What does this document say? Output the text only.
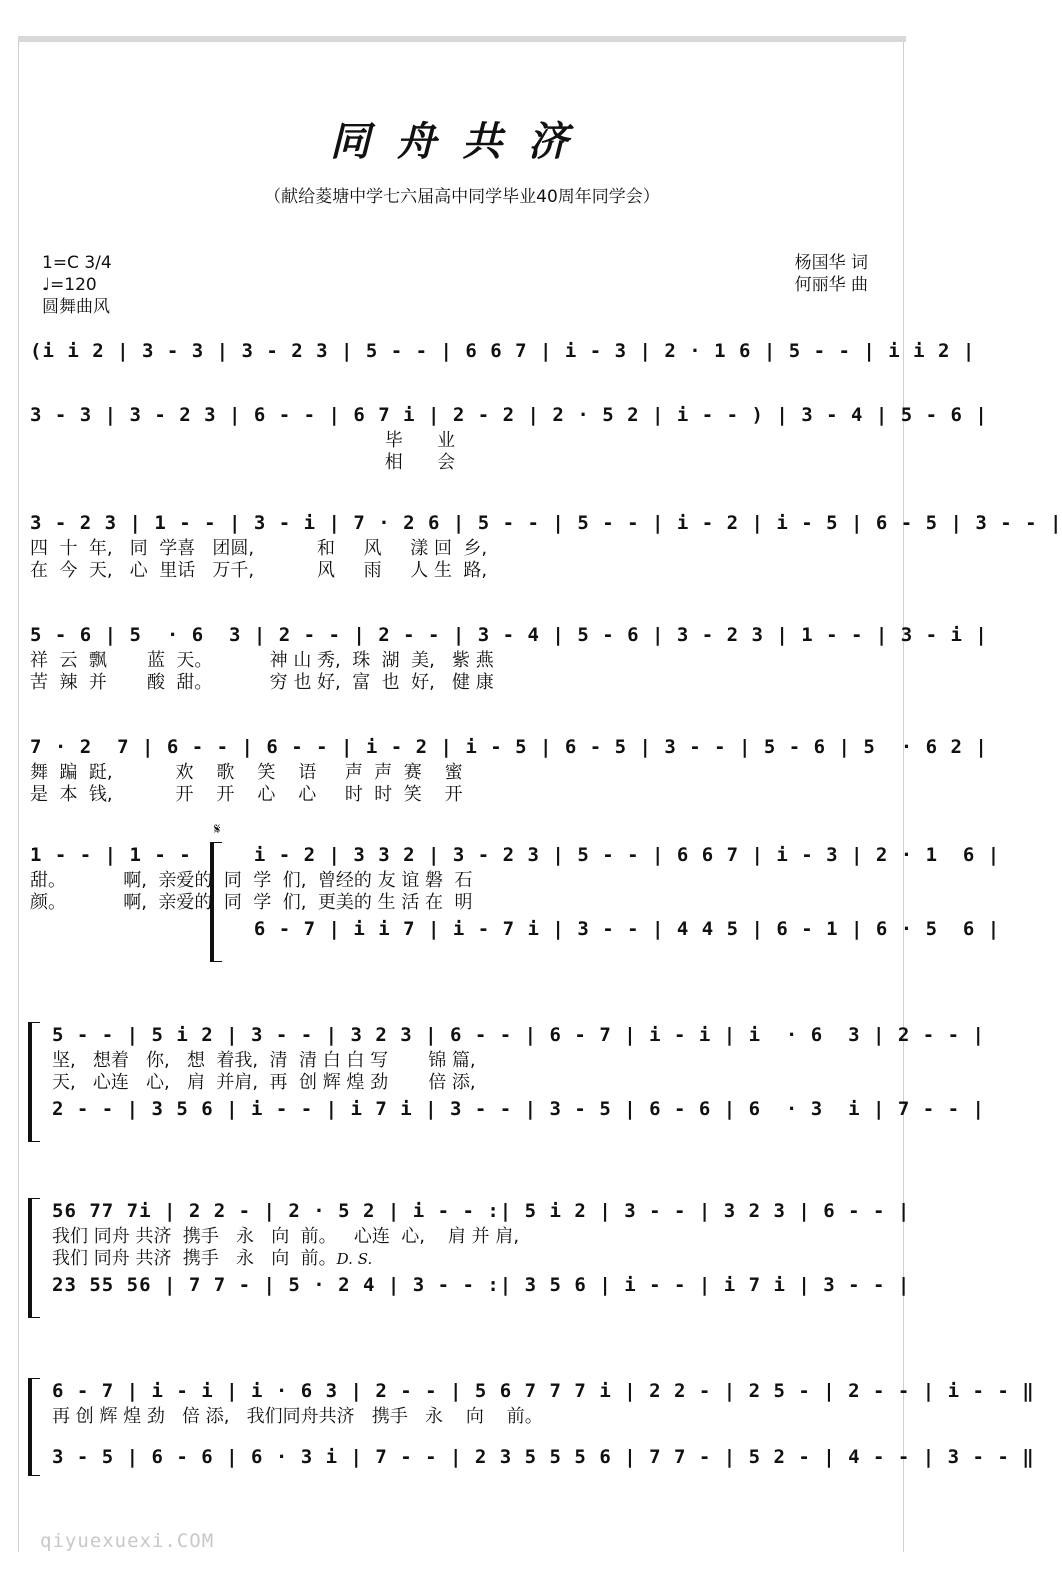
同舟共济
（献给菱塘中学七六届高中同学毕业40周年同学会）
1=C 3/4
♩=120
圆舞曲风
杨国华 词
何丽华 曲
(i i 2 | 3 - 3 | 3 - 2 3 | 5 - - | 6 6 7 | i - 3 | 2 · 1 6 | 5 - - | i i 2 |
3 - 3 | 3 - 2 3 | 6 - - | 6 7 i | 2 - 2 | 2 · 5 2 | i - - ) | 3 - 4 | 5 - 6 |
毕      业
相      会
3 - 2 3 | 1 - - | 3 - i | 7 · 2 6 | 5 - - | 5 - - | i - 2 | i - 5 | 6 - 5 | 3 - - |
四  十  年,   同  学喜   团圆,           和     风     漾 回  乡,
在  今  天,   心  里话   万千,           风     雨     人 生  路,
5 - 6 | 5  · 6  3 | 2 - - | 2 - - | 3 - 4 | 5 - 6 | 3 - 2 3 | 1 - - | 3 - i |
祥  云  飘       蓝  天。          神 山 秀,  珠  湖  美,   紫 燕
苦  辣  并       酸  甜。          穷 也 好,  富  也  好,   健 康
7 · 2  7 | 6 - - | 6 - - | i - 2 | i - 5 | 6 - 5 | 3 - - | 5 - 6 | 5  · 6 2 |
舞  蹁  跹,           欢    歌    笑    语     声  声  赛    蜜
是  本  钱,           开    开    心    心     时  时  笑    开
𝄋
1 - - | 1 - -     i - 2 | 3 3 2 | 3 - 2 3 | 5 - - | 6 6 7 | i - 3 | 2 · 1  6 |
甜。          啊,  亲爱的  同  学  们,  曾经的 友 谊 磐  石
颜。          啊,  亲爱的  同  学  们,  更美的 生 活 在  明
6 - 7 | i i 7 | i - 7 i | 3 - - | 4 4 5 | 6 - 1 | 6 · 5  6 |
5 - - | 5 i 2 | 3 - - | 3 2 3 | 6 - - | 6 - 7 | i - i | i  · 6  3 | 2 - - |
坚,   想着   你,   想  着我,  清  清 白 白 写       锦 篇,
天,   心连   心,   肩  并肩,  再  创 辉 煌 劲       倍 添,
2 - - | 3 5 6 | i - - | i 7 i | 3 - - | 3 - 5 | 6 - 6 | 6  · 3  i | 7 - - |
56 77 7i | 2 2 - | 2 · 5 2 | i - - :| 5 i 2 | 3 - - | 3 2 3 | 6 - - |
我们 同舟 共济  携手   永   向  前。   心连  心,    肩 并 肩,
我们 同舟 共济  携手   永   向  前。D. S.
23 55 56 | 7 7 - | 5 · 2 4 | 3 - - :| 3 5 6 | i - - | i 7 i | 3 - - |
6 - 7 | i - i | i · 6 3 | 2 - - | 5 6 7 7 7 i | 2 2 - | 2 5 - | 2 - - | i - - ‖
再 创 辉 煌 劲   倍 添,   我们同舟共济   携手   永    向    前。
3 - 5 | 6 - 6 | 6 · 3 i | 7 - - | 2 3 5 5 5 6 | 7 7 - | 5 2 - | 4 - - | 3 - - ‖
qiyuexuexi.COM
